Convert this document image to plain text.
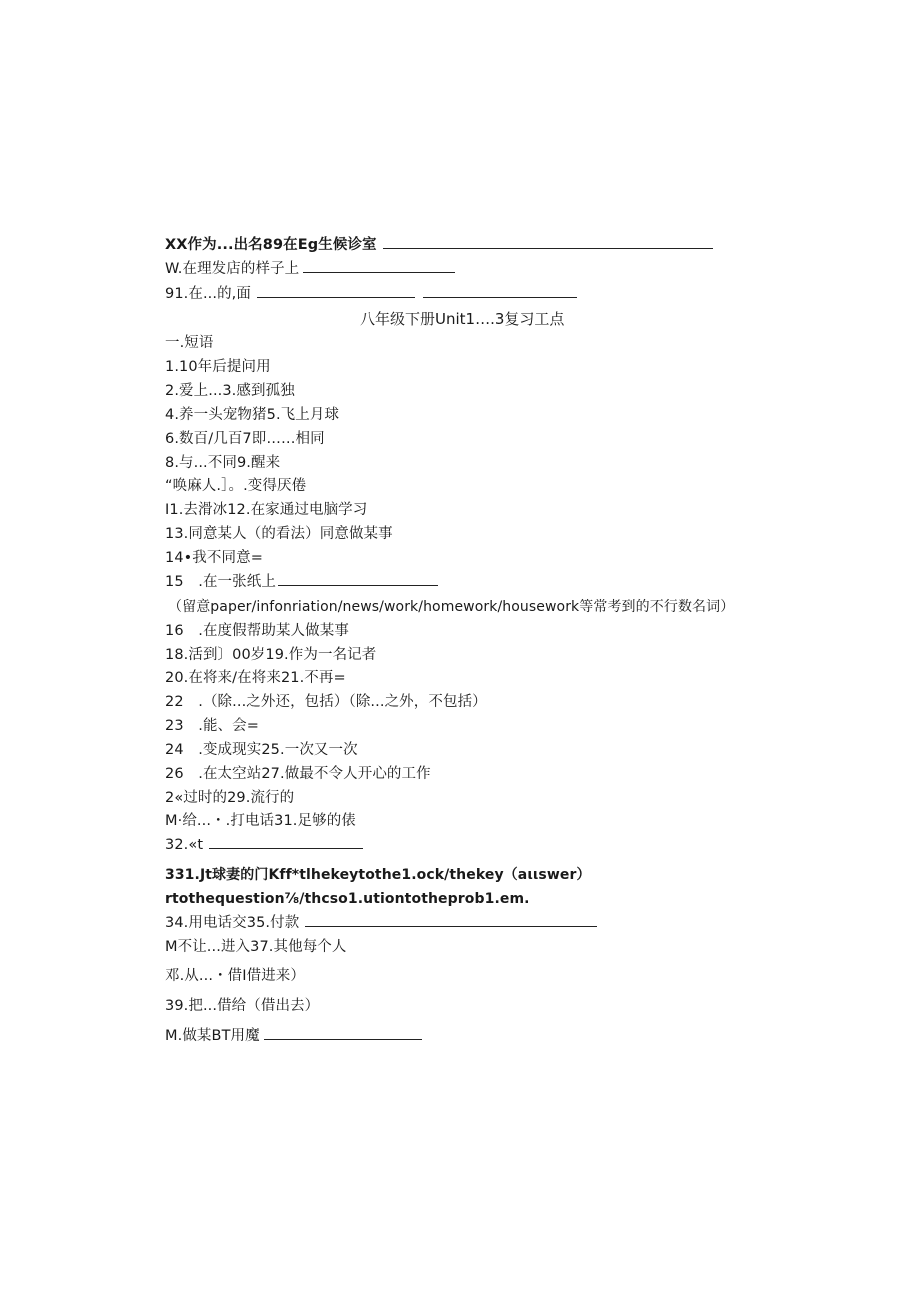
XX作为...出名89在Eg生候诊室
W.在理发店的样子上
91.在...的,面
八年级下册Unit1….3复习工点
一.短语
1.10年后提问用
2.爱上...3.感到孤独
4.养一头宠物猪5.飞上月球
6.数百/几百7即……相同
8.与...不同9.醒来
“唤麻人.］。.变得厌倦
I1.去滑冰12.在家通过电脑学习
13.同意某人（的看法）同意做某事
14•我不同意=
15　.在一张纸上
（留意paper/infonriation/news/work/homework/housework等常考到的不行数名词）
16　.在度假帮助某人做某事
18.活到〕00岁19.作为一名记者
20.在将来/在将来21.不再=
22　.（除...之外还，包括）（除...之外，不包括）
23　.能、会=
24　.变成现实25.一次又一次
26　.在太空站27.做最不令人开心的工作
2«过时的29.流行的
M·给...・.打电话31.足够的俵
32.«t
331.Jt球妻的门Kff*tlhekeytothe1.ock/thekey（aιιswer）
rtothequestion⅞/thcso1.utiontotheprob1.em.
34.用电话交35.付款
M不让...进入37.其他每个人
邓.从...・借I借进来）
39.把...借给（借出去）
M.做某BT用魔
